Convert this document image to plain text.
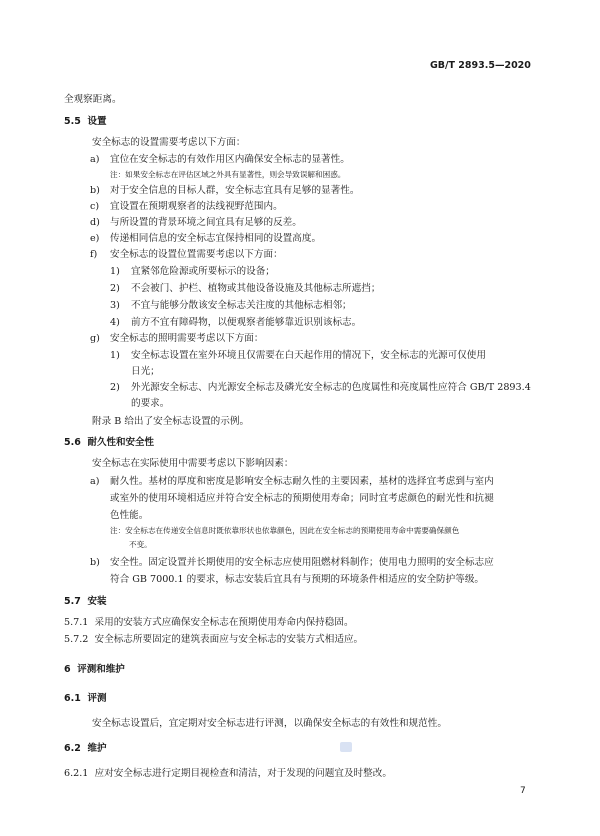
GB/T 2893.5—2020
全观察距离。
5.5  设置
安全标志的设置需要考虑以下方面：
a) 宜位在安全标志的有效作用区内确保安全标志的显著性。
注：如果安全标志在评估区域之外具有显著性，则会导致误解和困惑。
b) 对于安全信息的目标人群，安全标志宜具有足够的显著性。
c) 宜设置在预期观察者的法线视野范围内。
d) 与所设置的背景环境之间宜具有足够的反差。
e) 传递相同信息的安全标志宜保持相同的设置高度。
f) 安全标志的设置位置需要考虑以下方面：
1) 宜紧邻危险源或所要标示的设备；
2) 不会被门、护栏、植物或其他设备设施及其他标志所遮挡；
3) 不宜与能够分散该安全标志关注度的其他标志相邻；
4) 前方不宜有障碍物，以便观察者能够靠近识别该标志。
g) 安全标志的照明需要考虑以下方面：
1) 安全标志设置在室外环境且仅需要在白天起作用的情况下，安全标志的光源可仅使用
日光；
2) 外光源安全标志、内光源安全标志及磷光安全标志的色度属性和亮度属性应符合 GB/T 2893.4
的要求。
附录 B 给出了安全标志设置的示例。
5.6  耐久性和安全性
安全标志在实际使用中需要考虑以下影响因素：
a) 耐久性。基材的厚度和密度是影响安全标志耐久性的主要因素，基材的选择宜考虑到与室内
或室外的使用环境相适应并符合安全标志的预期使用寿命；同时宜考虑颜色的耐光性和抗褪
色性能。
注：安全标志在传递安全信息时既依靠形状也依靠颜色，因此在安全标志的预期使用寿命中需要确保颜色
不变。
b) 安全性。固定设置并长期使用的安全标志应使用阻燃材料制作；使用电力照明的安全标志应
符合 GB 7000.1 的要求，标志安装后宜具有与预期的环境条件相适应的安全防护等级。
5.7  安装
5.7.1  采用的安装方式应确保安全标志在预期使用寿命内保持稳固。
5.7.2  安全标志所要固定的建筑表面应与安全标志的安装方式相适应。
6  评测和维护
6.1  评测
安全标志设置后，宜定期对安全标志进行评测，以确保安全标志的有效性和规范性。
6.2  维护
6.2.1  应对安全标志进行定期目视检查和清洁，对于发现的问题宜及时整改。
7
